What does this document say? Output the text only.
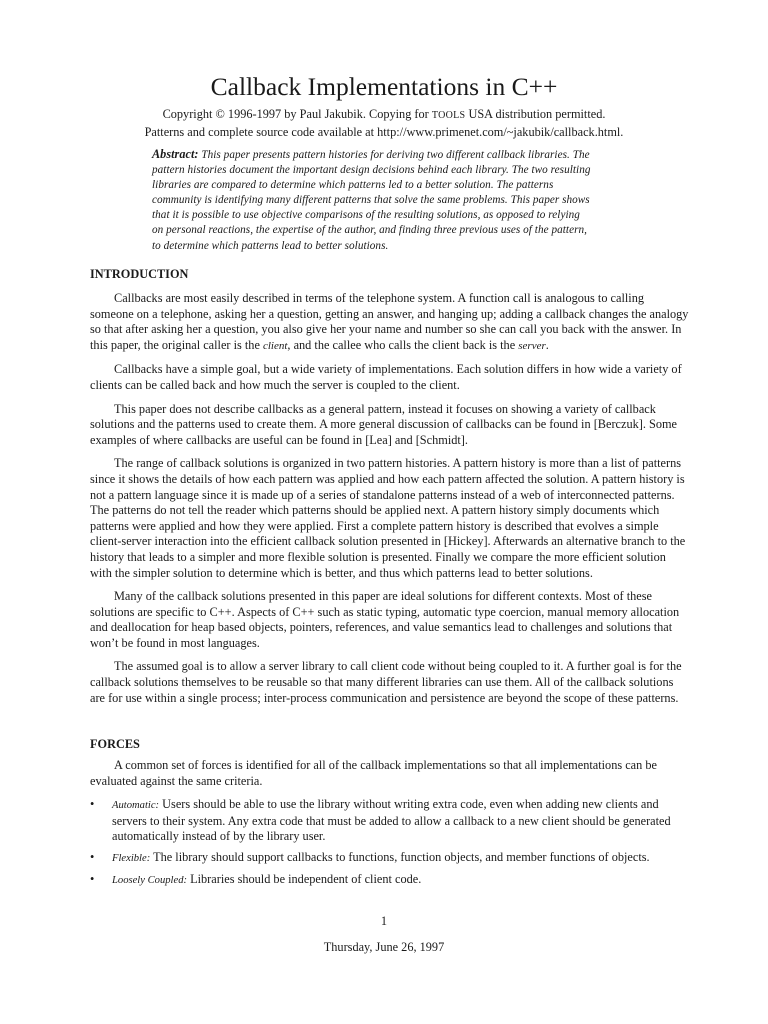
Callback Implementations in C++
Copyright © 1996-1997 by Paul Jakubik. Copying for TOOLS USA distribution permitted.
Patterns and complete source code available at http://www.primenet.com/~jakubik/callback.html.
Abstract: This paper presents pattern histories for deriving two different callback libraries. The pattern histories document the important design decisions behind each library. The two resulting libraries are compared to determine which patterns led to a better solution. The patterns community is identifying many different patterns that solve the same problems. This paper shows that it is possible to use objective comparisons of the resulting solutions, as opposed to relying on personal reactions, the expertise of the author, and finding three previous uses of the pattern, to determine which patterns lead to better solutions.
INTRODUCTION

Callbacks are most easily described in terms of the telephone system. A function call is analogous to calling someone on a telephone, asking her a question, getting an answer, and hanging up; adding a callback changes the analogy so that after asking her a question, you also give her your name and number so she can call you back with the answer. In this paper, the original caller is the client, and the callee who calls the client back is the server.

Callbacks have a simple goal, but a wide variety of implementations. Each solution differs in how wide a variety of clients can be called back and how much the server is coupled to the client.

This paper does not describe callbacks as a general pattern, instead it focuses on showing a variety of callback solutions and the patterns used to create them. A more general discussion of callbacks can be found in [Berczuk]. Some examples of where callbacks are useful can be found in [Lea] and [Schmidt].

The range of callback solutions is organized in two pattern histories. A pattern history is more than a list of patterns since it shows the details of how each pattern was applied and how each pattern affected the solution. A pattern history is not a pattern language since it is made up of a series of standalone patterns instead of a web of interconnected patterns. The patterns do not tell the reader which patterns should be applied next. A pattern history simply documents which patterns were applied and how they were applied. First a complete pattern history is described that evolves a simple client-server interaction into the efficient callback solution presented in [Hickey]. Afterwards an alternative branch to the history that leads to a simpler and more flexible solution is presented. Finally we compare the more efficient solution with the simpler solution to determine which is better, and thus which patterns lead to better solutions.

Many of the callback solutions presented in this paper are ideal solutions for different contexts. Most of these solutions are specific to C++. Aspects of C++ such as static typing, automatic type coercion, manual memory allocation and deallocation for heap based objects, pointers, references, and value semantics lead to challenges and solutions that won’t be found in most languages.

The assumed goal is to allow a server library to call client code without being coupled to it. A further goal is for the callback solutions themselves to be reusable so that many different libraries can use them. All of the callback solutions are for use within a single process; inter-process communication and persistence are beyond the scope of these patterns.

FORCES

A common set of forces is identified for all of the callback implementations so that all implementations can be evaluated against the same criteria.

• Automatic: Users should be able to use the library without writing extra code, even when adding new clients and servers to their system. Any extra code that must be added to allow a callback to a new client should be generated automatically instead of by the library user.
• Flexible: The library should support callbacks to functions, function objects, and member functions of objects.
• Loosely Coupled: Libraries should be independent of client code.
1
Thursday, June 26, 1997
